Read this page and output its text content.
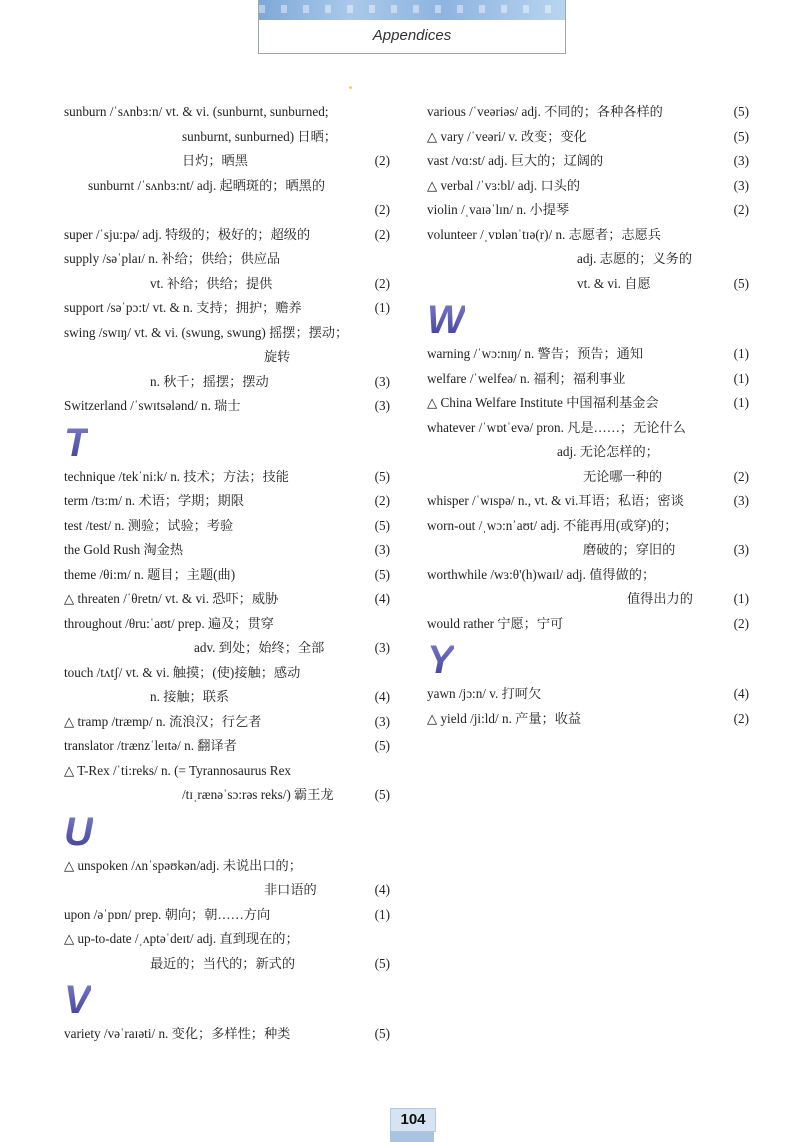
Appendices
sunburn /ˈsʌnbɜ:n/ vt. & vi. (sunburnt, sunburned;
sunburnt, sunburned) 日晒；
日灼；晒黑	(2)
sunburnt /ˈsʌnbɜ:nt/ adj. 起晒斑的；晒黑的
(2)
super /ˈsju:pə/ adj. 特级的；极好的；超级的	(2)
supply /səˈplaɪ/ n. 补给；供给；供应品
vt. 补给；供给；提供	(2)
support /səˈpɔ:t/ vt. & n. 支持；拥护；赡养	(1)
swing /swɪŋ/ vt. & vi. (swung, swung) 摇摆；摆动；
旋转
n. 秋千；摇摆；摆动	(3)
Switzerland /ˈswɪtsələnd/ n. 瑞士	(3)
T
technique /tekˈni:k/ n. 技术；方法；技能	(5)
term /tɜ:m/ n. 术语；学期；期限	(2)
test /test/ n. 测验；试验；考验	(5)
the Gold Rush 淘金热	(3)
theme /θi:m/ n. 题目；主题(曲)	(5)
△ threaten /ˈθretn/ vt. & vi. 恐吓；威胁	(4)
throughout /θru:ˈaʊt/ prep. 遍及；贯穿
adv. 到处；始终；全部	(3)
touch /tʌtʃ/ vt. & vi. 触摸；(使)接触；感动
n. 接触；联系	(4)
△ tramp /træmp/ n. 流浪汉；行乞者	(3)
translator /trænzˈleɪtə/ n. 翻译者	(5)
△ T-Rex /ˈti:reks/ n. (= Tyrannosaurus Rex
/tɪˌrænəˈsɔ:rəs reks/) 霸王龙	(5)
U
△ unspoken /ʌnˈspəʊkən/adj. 未说出口的；
非口语的	(4)
upon /əˈpɒn/ prep. 朝向；朝……方向	(1)
△ up-to-date /ˌʌptəˈdeɪt/ adj. 直到现在的；
最近的；当代的；新式的	(5)
V
variety /vəˈraɪəti/ n. 变化；多样性；种类	(5)
various /ˈveəriəs/ adj. 不同的；各种各样的	(5)
△ vary /ˈveəri/ v. 改变；变化	(5)
vast /vɑ:st/ adj. 巨大的；辽阔的	(3)
△ verbal /ˈvɜ:bl/ adj. 口头的	(3)
violin /ˌvaɪəˈlɪn/ n. 小提琴	(2)
volunteer /ˌvɒlənˈtɪə(r)/ n. 志愿者；志愿兵
adj. 志愿的；义务的
vt. & vi. 自愿	(5)
W
warning /ˈwɔ:nɪŋ/ n. 警告；预告；通知	(1)
welfare /ˈwelfeə/ n. 福利；福利事业	(1)
△ China Welfare Institute 中国福利基金会	(1)
whatever /ˈwɒtˈevə/ pron. 凡是……；无论什么
adj. 无论怎样的；
无论哪一种的	(2)
whisper /ˈwɪspə/ n., vt. & vi.耳语；私语；密谈	(3)
worn-out /ˌwɔ:nˈaʊt/ adj. 不能再用(或穿)的；
磨破的；穿旧的	(3)
worthwhile /wɜ:θ'(h)waɪl/ adj. 值得做的；
值得出力的	(1)
would rather 宁愿；宁可	(2)
Y
yawn /jɔ:n/ v. 打呵欠	(4)
△ yield /ji:ld/ n. 产量；收益	(2)
104
